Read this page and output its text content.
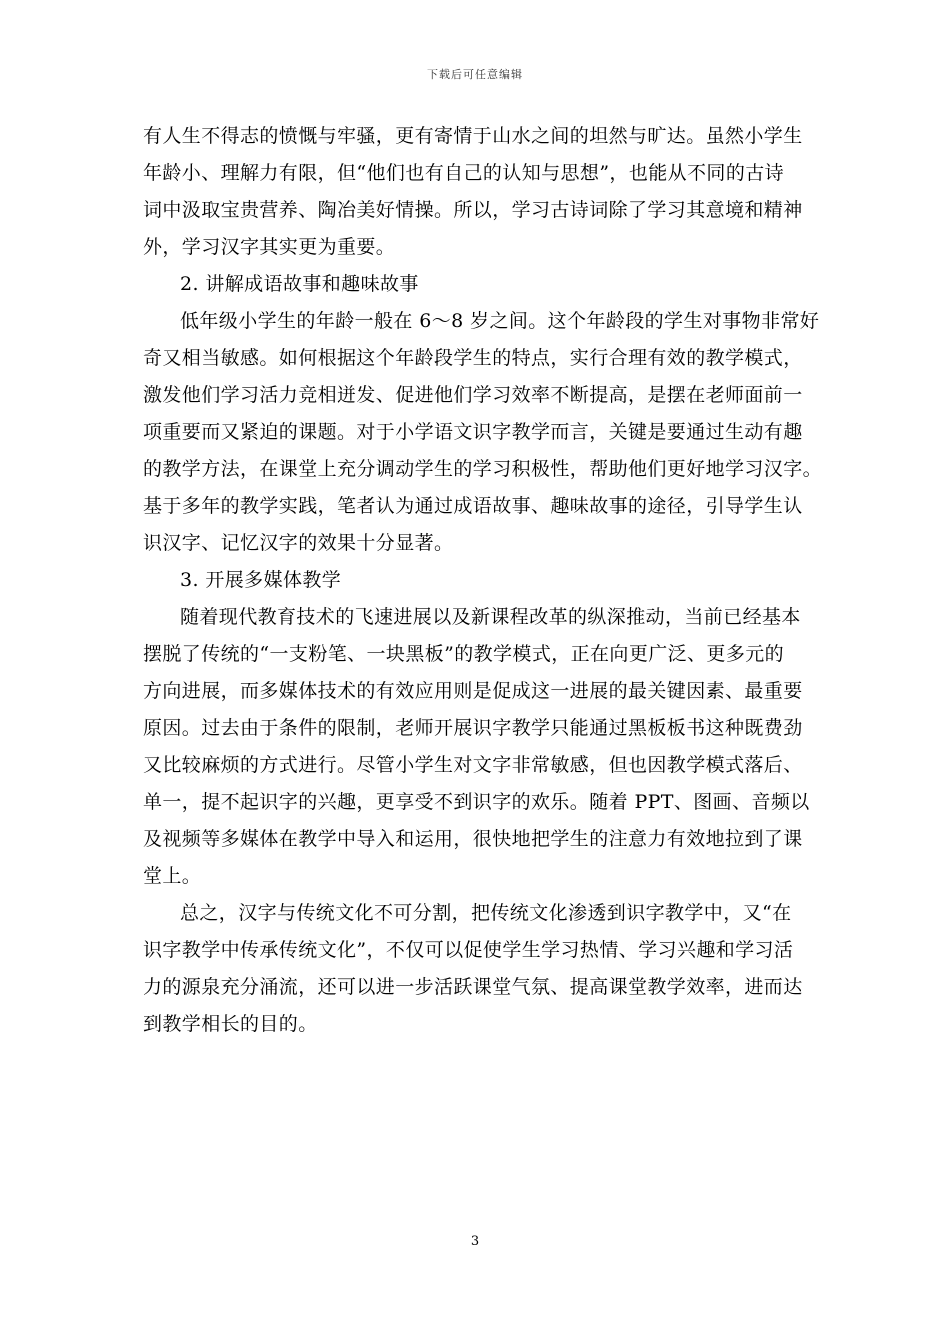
下载后可任意编辑
有人生不得志的愤慨与牢骚，更有寄情于山水之间的坦然与旷达。虽然小学生
年龄小、理解力有限，但“他们也有自己的认知与思想”，也能从不同的古诗
词中汲取宝贵营养、陶冶美好情操。所以，学习古诗词除了学习其意境和精神
外，学习汉字其实更为重要。
2. 讲解成语故事和趣味故事
低年级小学生的年龄一般在 6～8 岁之间。这个年龄段的学生对事物非常好
奇又相当敏感。如何根据这个年龄段学生的特点，实行合理有效的教学模式，
激发他们学习活力竞相迸发、促进他们学习效率不断提高，是摆在老师面前一
项重要而又紧迫的课题。对于小学语文识字教学而言，关键是要通过生动有趣
的教学方法，在课堂上充分调动学生的学习积极性，帮助他们更好地学习汉字。
基于多年的教学实践，笔者认为通过成语故事、趣味故事的途径，引导学生认
识汉字、记忆汉字的效果十分显著。
3. 开展多媒体教学
随着现代教育技术的飞速进展以及新课程改革的纵深推动，当前已经基本
摆脱了传统的“一支粉笔、一块黑板”的教学模式，正在向更广泛、更多元的
方向进展，而多媒体技术的有效应用则是促成这一进展的最关键因素、最重要
原因。过去由于条件的限制，老师开展识字教学只能通过黑板板书这种既费劲
又比较麻烦的方式进行。尽管小学生对文字非常敏感，但也因教学模式落后、
单一，提不起识字的兴趣，更享受不到识字的欢乐。随着 PPT、图画、音频以
及视频等多媒体在教学中导入和运用，很快地把学生的注意力有效地拉到了课
堂上。
总之，汉字与传统文化不可分割，把传统文化渗透到识字教学中，又“在
识字教学中传承传统文化”，不仅可以促使学生学习热情、学习兴趣和学习活
力的源泉充分涌流，还可以进一步活跃课堂气氛、提高课堂教学效率，进而达
到教学相长的目的。
3
